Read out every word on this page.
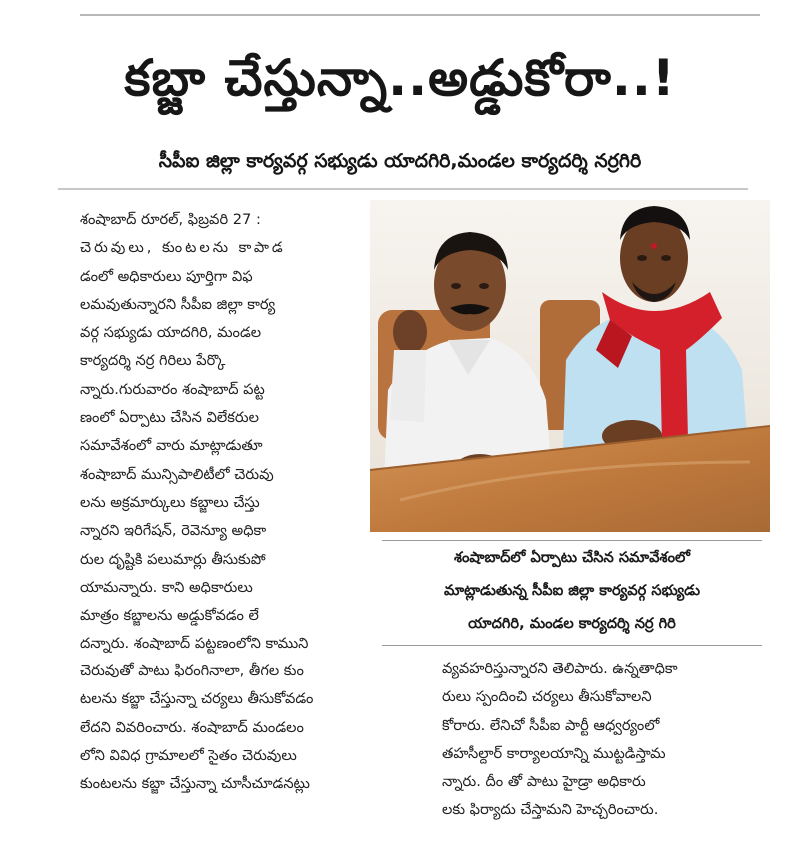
కబ్జా చేస్తున్నా..అడ్డుకోరా..!
సీపీఐ జిల్లా కార్యవర్గ సభ్యుడు యాదగిరి,మండల కార్యదర్శి నర్రగిరి
శంషాబాద్ రూరల్, ఫిబ్రవరి 27 :
చెరువులు, కుంటలను కాపాడ
డంలో అధికారులు పూర్తిగా విఫ
లమవుతున్నారని సీపీఐ జిల్లా కార్య
వర్గ సభ్యుడు యాదగిరి, మండల
కార్యదర్శి నర్ర గిరిలు పేర్కొ
న్నారు.గురువారం శంషాబాద్ పట్ట
ణంలో ఏర్పాటు చేసిన విలేకరుల
సమావేశంలో వారు మాట్లాడుతూ
శంషాబాద్ మున్సిపాలిటీలో చెరువు
లను అక్రమార్కులు కబ్జాలు చేస్తు
న్నారని ఇరిగేషన్, రెవెన్యూ అధికా
రుల దృష్టికి పలుమార్లు తీసుకుపో
యామన్నారు. కాని అధికారులు
మాత్రం కబ్జాలను అడ్డుకోవడం లే
దన్నారు. శంషాబాద్ పట్టణంలోని కాముని
శంషాబాద్‌లో ఏర్పాటు చేసిన సమావేశంలో
మాట్లాడుతున్న సీపీఐ జిల్లా కార్యవర్గ సభ్యుడు
యాదగిరి, మండల కార్యదర్శి నర్ర గిరి
చెరువుతో పాటు ఫిరంగినాలా, తీగల కుం
టలను కబ్జా చేస్తున్నా చర్యలు తీసుకోవడం
లేదని వివరించారు. శంషాబాద్ మండలం
లోని వివిధ గ్రామాలలో సైతం చెరువులు
కుంటలను కబ్జా చేస్తున్నా చూసీచూడనట్లు
వ్యవహరిస్తున్నారని తెలిపారు. ఉన్నతాధికా
రులు స్పందించి చర్యలు తీసుకోవాలని
కోరారు. లేనిచో సీపీఐ పార్టీ ఆధ్వర్యంలో
తహసీల్దార్ కార్యాలయాన్ని ముట్టడిస్తామ
న్నారు. దీం తో పాటు హైడ్రా అధికారు
లకు ఫిర్యాదు చేస్తామని హెచ్చరించారు.
